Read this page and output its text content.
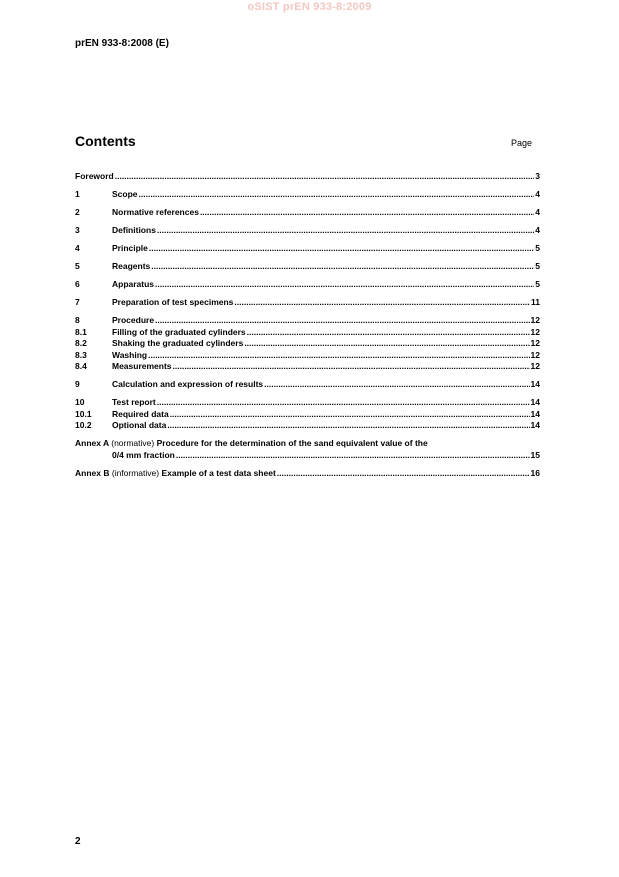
oSIST prEN 933-8:2009
prEN 933-8:2008 (E)
Contents	Page
Foreword .....	3
1	Scope .....	4
2	Normative references .....	4
3	Definitions .....	4
4	Principle .....	5
5	Reagents .....	5
6	Apparatus .....	5
7	Preparation of test specimens .....	11
8	Procedure .....	12
8.1	Filling of the graduated cylinders .....	12
8.2	Shaking the graduated cylinders .....	12
8.3	Washing .....	12
8.4	Measurements .....	12
9	Calculation and expression of results .....	14
10	Test report .....	14
10.1	Required data .....	14
10.2	Optional data .....	14
Annex A (normative) Procedure for the determination of the sand equivalent value of the
0/4 mm fraction .....	15
Annex B (informative) Example of a test data sheet .....	16
2
